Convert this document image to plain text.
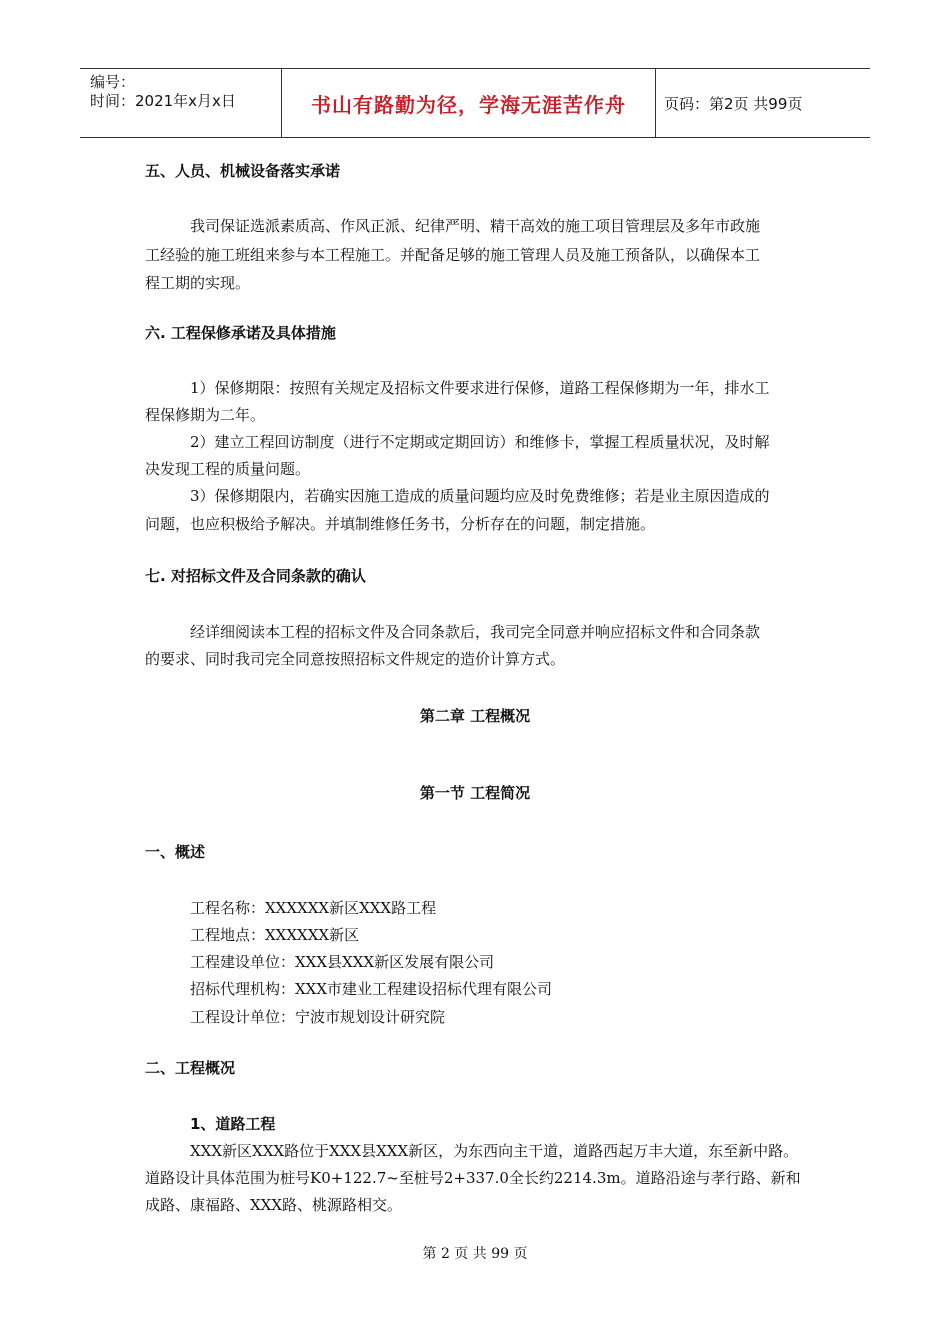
编号：
时间：2021年x月x日	书山有路勤为径，学海无涯苦作舟	页码：第2页 共99页
五、人员、机械设备落实承诺
我司保证选派素质高、作风正派、纪律严明、精干高效的施工项目管理层及多年市政施
工经验的施工班组来参与本工程施工。并配备足够的施工管理人员及施工预备队，以确保本工
程工期的实现。
六. 工程保修承诺及具体措施
1）保修期限：按照有关规定及招标文件要求进行保修，道路工程保修期为一年，排水工
程保修期为二年。
2）建立工程回访制度（进行不定期或定期回访）和维修卡，掌握工程质量状况，及时解
决发现工程的质量问题。
3）保修期限内，若确实因施工造成的质量问题均应及时免费维修；若是业主原因造成的
问题，也应积极给予解决。并填制维修任务书，分析存在的问题，制定措施。
七. 对招标文件及合同条款的确认
经详细阅读本工程的招标文件及合同条款后，我司完全同意并响应招标文件和合同条款
的要求、同时我司完全同意按照招标文件规定的造价计算方式。
第二章 工程概况
第一节 工程简况
一、概述
工程名称：XXXXXX新区XXX路工程
工程地点：XXXXXX新区
工程建设单位：XXX县XXX新区发展有限公司
招标代理机构：XXX市建业工程建设招标代理有限公司
工程设计单位：宁波市规划设计研究院
二、工程概况
1、道路工程
XXX新区XXX路位于XXX县XXX新区，为东西向主干道，道路西起万丰大道，东至新中路。
道路设计具体范围为桩号K0+122.7~至桩号2+337.0全长约2214.3m。道路沿途与孝行路、新和
成路、康福路、XXX路、桃源路相交。
第 2 页 共 99 页
